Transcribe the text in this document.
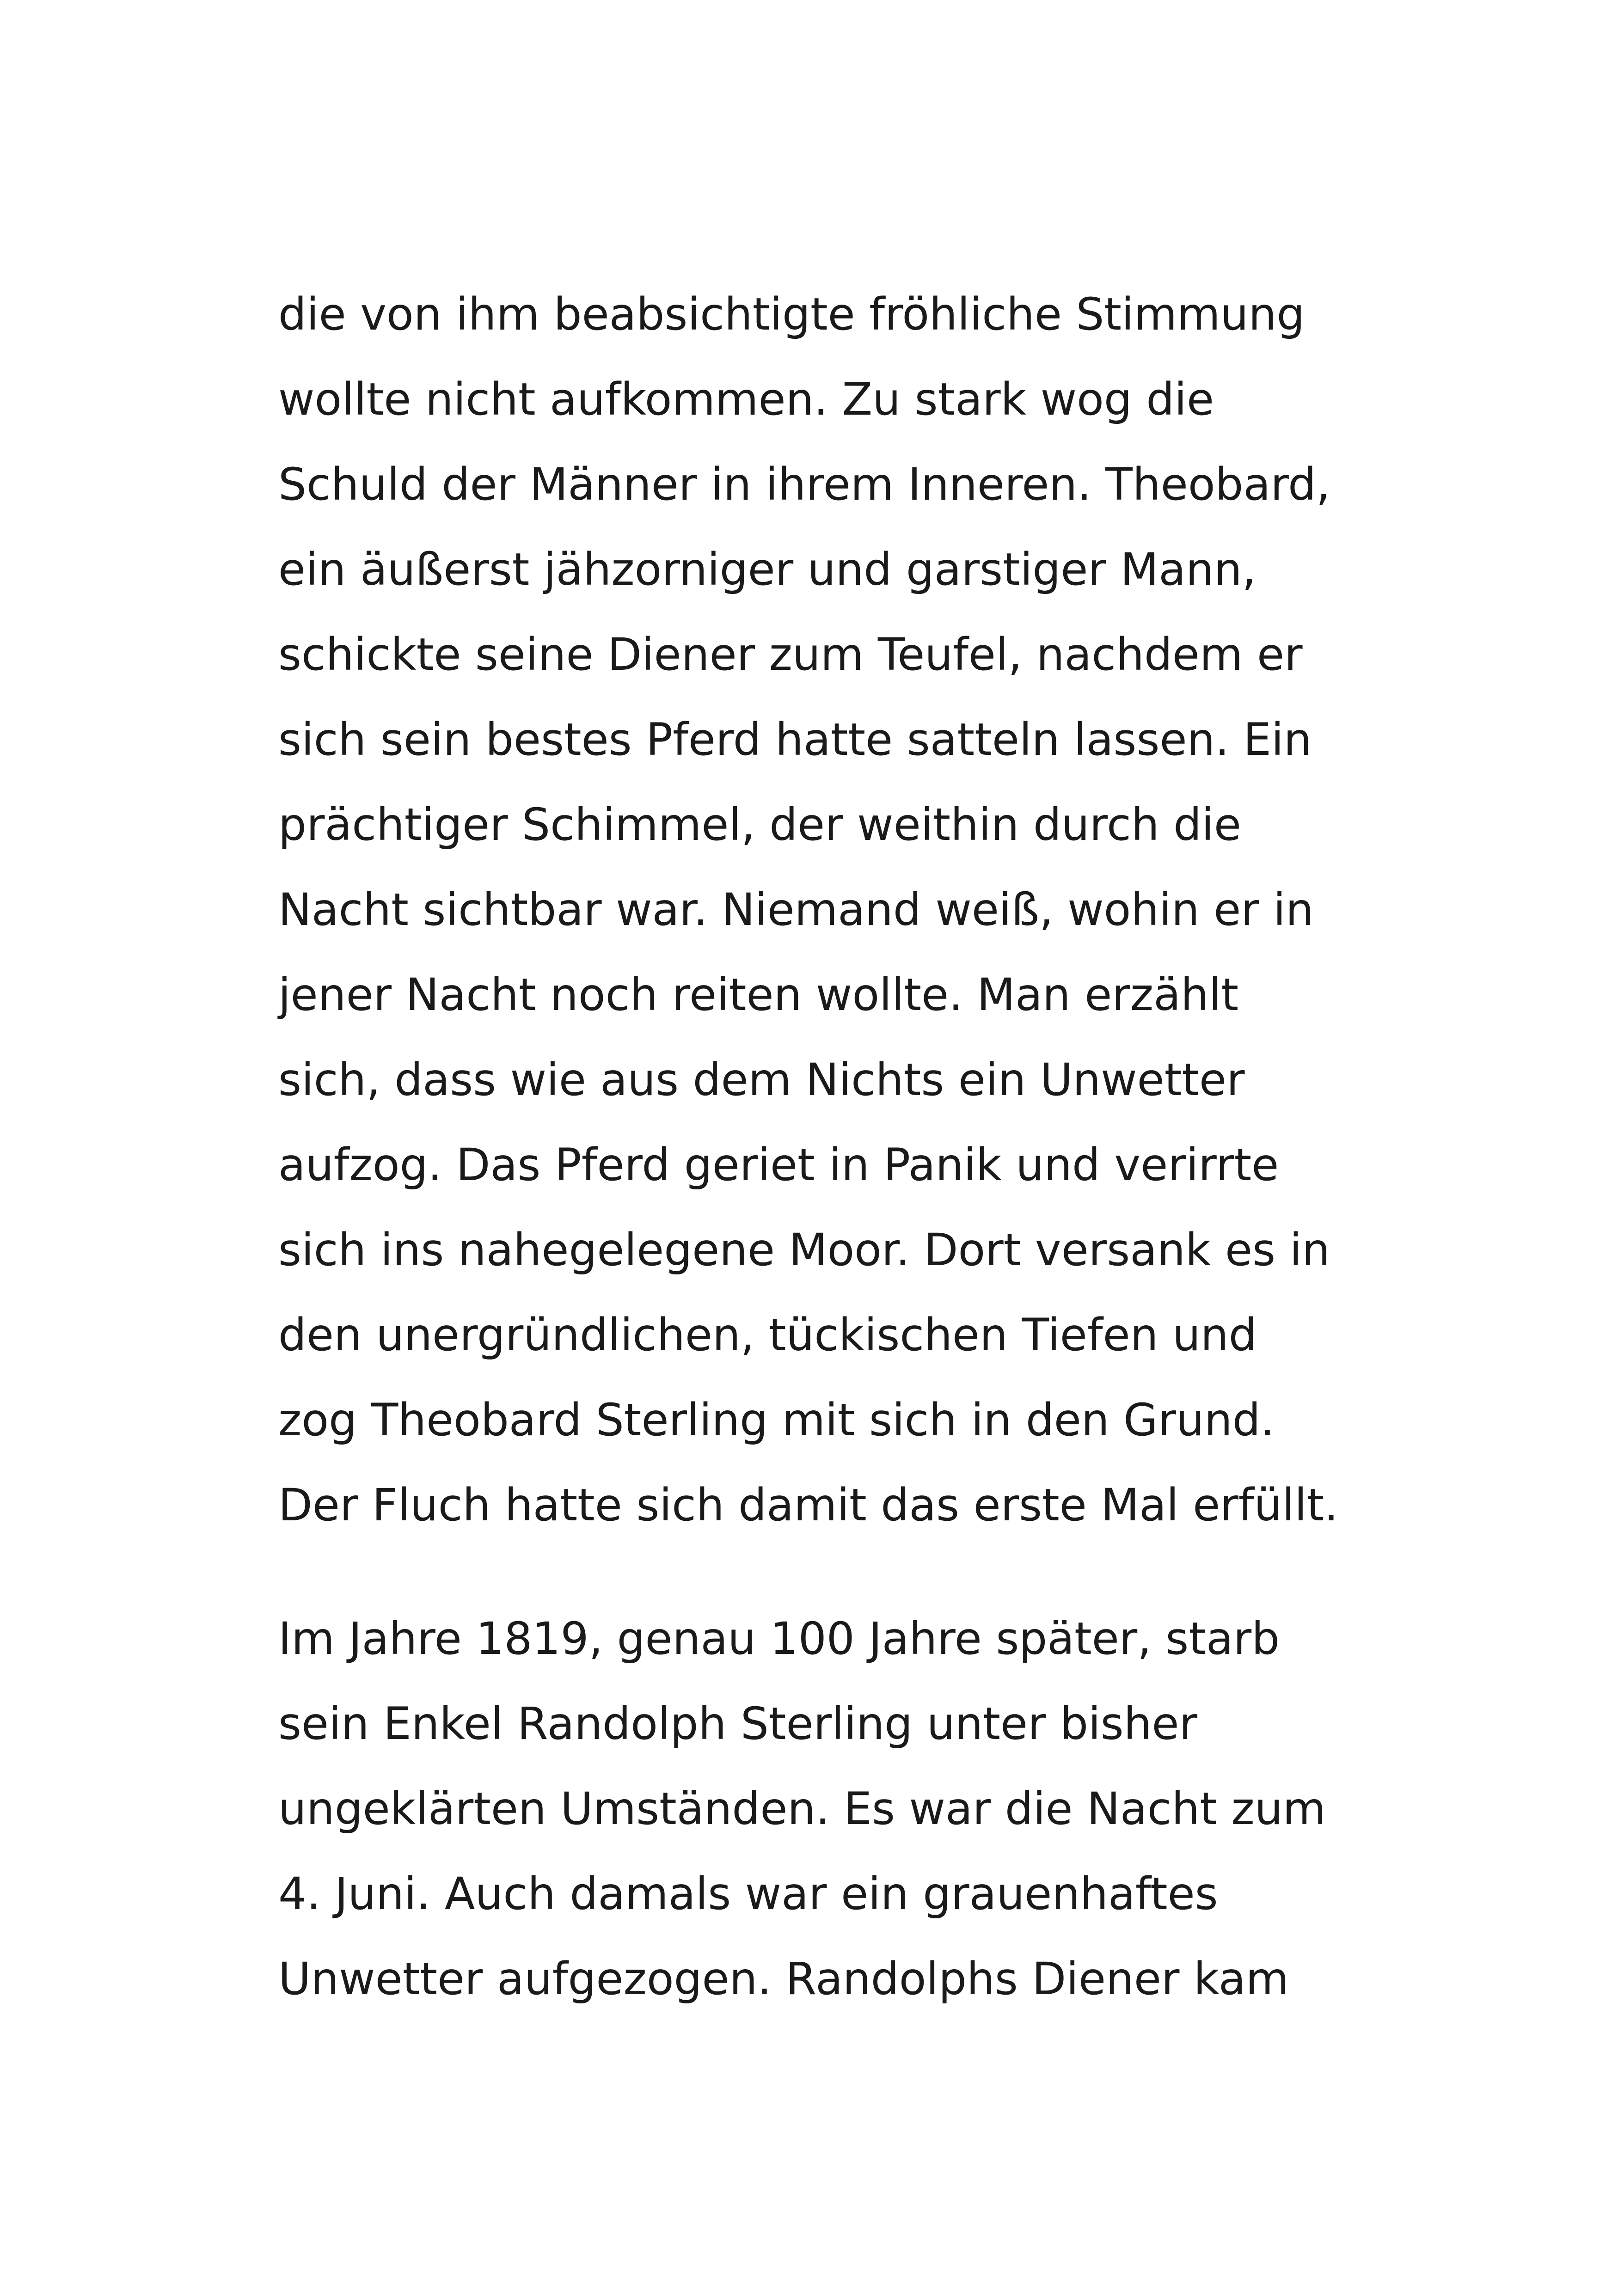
die von ihm beabsichtigte fröhliche Stimmung
wollte nicht aufkommen. Zu stark wog die
Schuld der Männer in ihrem Inneren. Theobard,
ein äußerst jähzorniger und garstiger Mann,
schickte seine Diener zum Teufel, nachdem er
sich sein bestes Pferd hatte satteln lassen. Ein
prächtiger Schimmel, der weithin durch die
Nacht sichtbar war. Niemand weiß, wohin er in
jener Nacht noch reiten wollte. Man erzählt
sich, dass wie aus dem Nichts ein Unwetter
aufzog. Das Pferd geriet in Panik und verirrte
sich ins nahegelegene Moor. Dort versank es in
den unergründlichen, tückischen Tiefen und
zog Theobard Sterling mit sich in den Grund.
Der Fluch hatte sich damit das erste Mal erfüllt.
Im Jahre 1819, genau 100 Jahre später, starb
sein Enkel Randolph Sterling unter bisher
ungeklärten Umständen. Es war die Nacht zum
4. Juni. Auch damals war ein grauenhaftes
Unwetter aufgezogen. Randolphs Diener kam
